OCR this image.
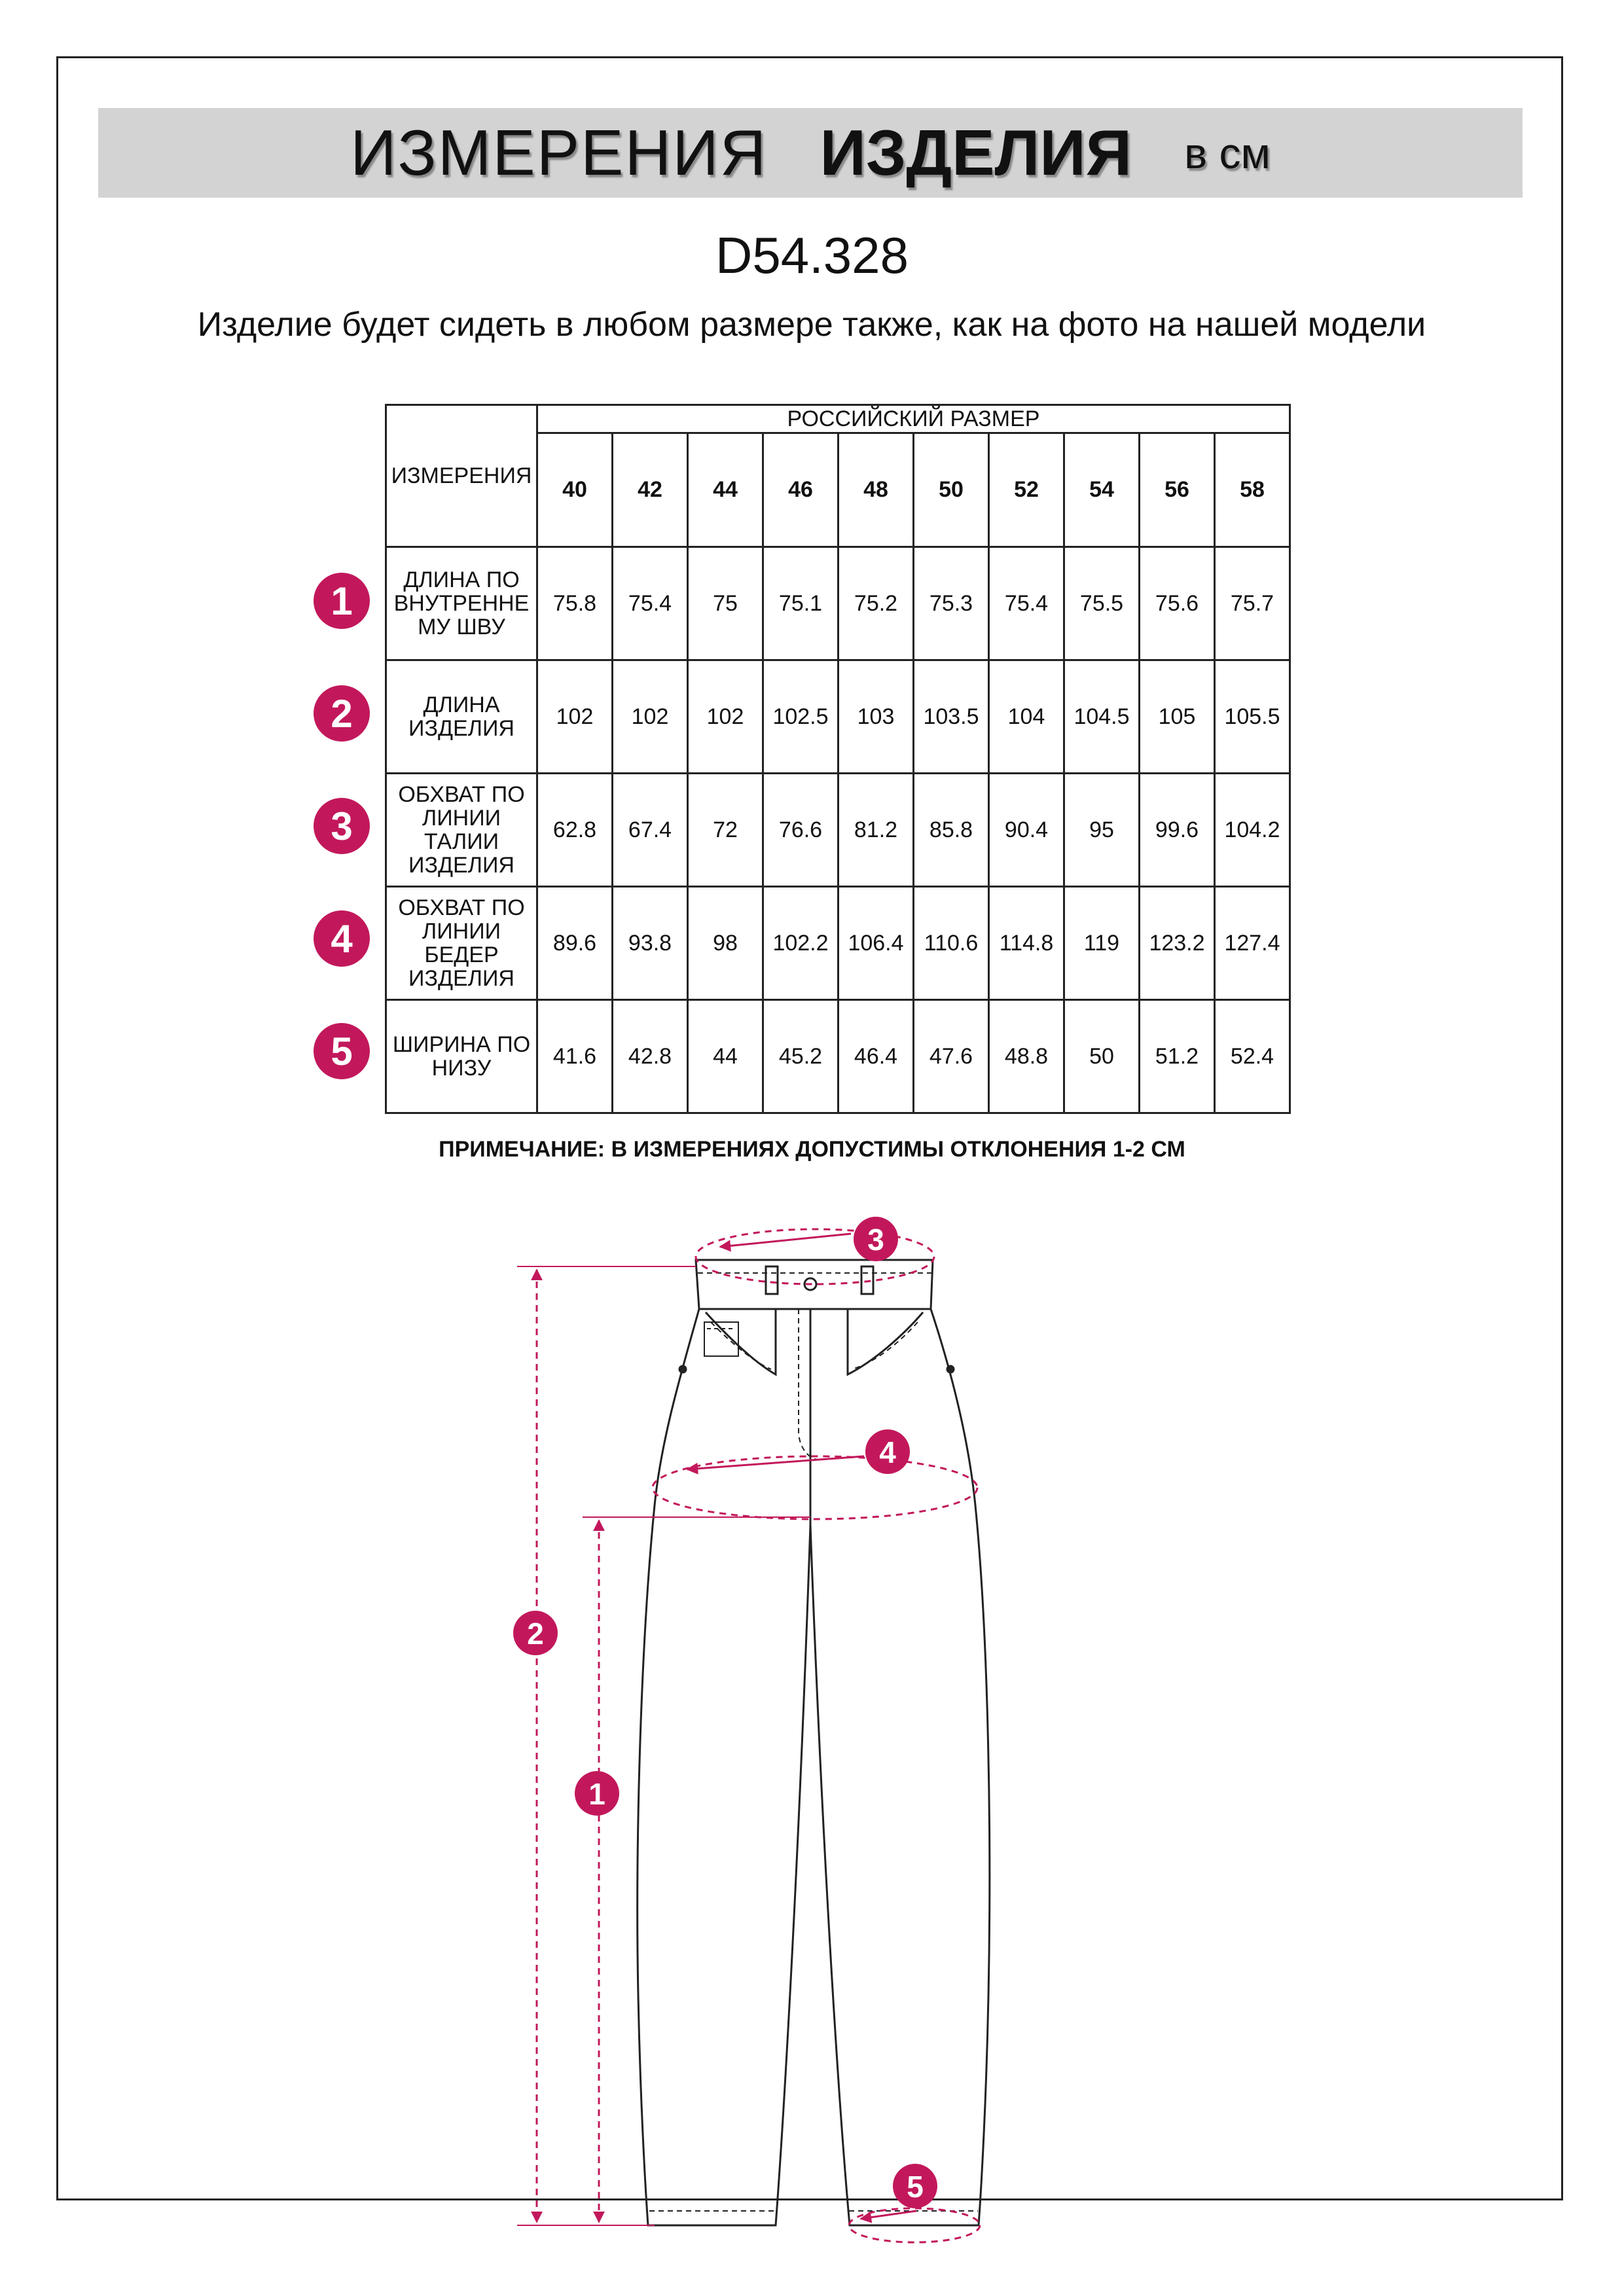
ИЗМЕРЕНИЯ ИЗДЕЛИЯ в см
D54.328
Изделие будет сидеть в любом размере также, как на фото на нашей модели
ИЗМЕРЕНИЯ	РОССИЙСКИЙ РАЗМЕР									
	40	42	44	46	48	50	52	54	56	58
ДЛИНА ПО ВНУТРЕННЕ МУ ШВУ	75.8	75.4	75	75.1	75.2	75.3	75.4	75.5	75.6	75.7
ДЛИНА ИЗДЕЛИЯ	102	102	102	102.5	103	103.5	104	104.5	105	105.5
ОБХВАТ ПО ЛИНИИ ТАЛИИ ИЗДЕЛИЯ	62.8	67.4	72	76.6	81.2	85.8	90.4	95	99.6	104.2
ОБХВАТ ПО ЛИНИИ БЕДЕР ИЗДЕЛИЯ	89.6	93.8	98	102.2	106.4	110.6	114.8	119	123.2	127.4
ШИРИНА ПО НИЗУ	41.6	42.8	44	45.2	46.4	47.6	48.8	50	51.2	52.4
1
2
3
4
5
ПРИМЕЧАНИЕ: В ИЗМЕРЕНИЯХ ДОПУСТИМЫ ОТКЛОНЕНИЯ 1-2 СМ
3
4
2
1
5
